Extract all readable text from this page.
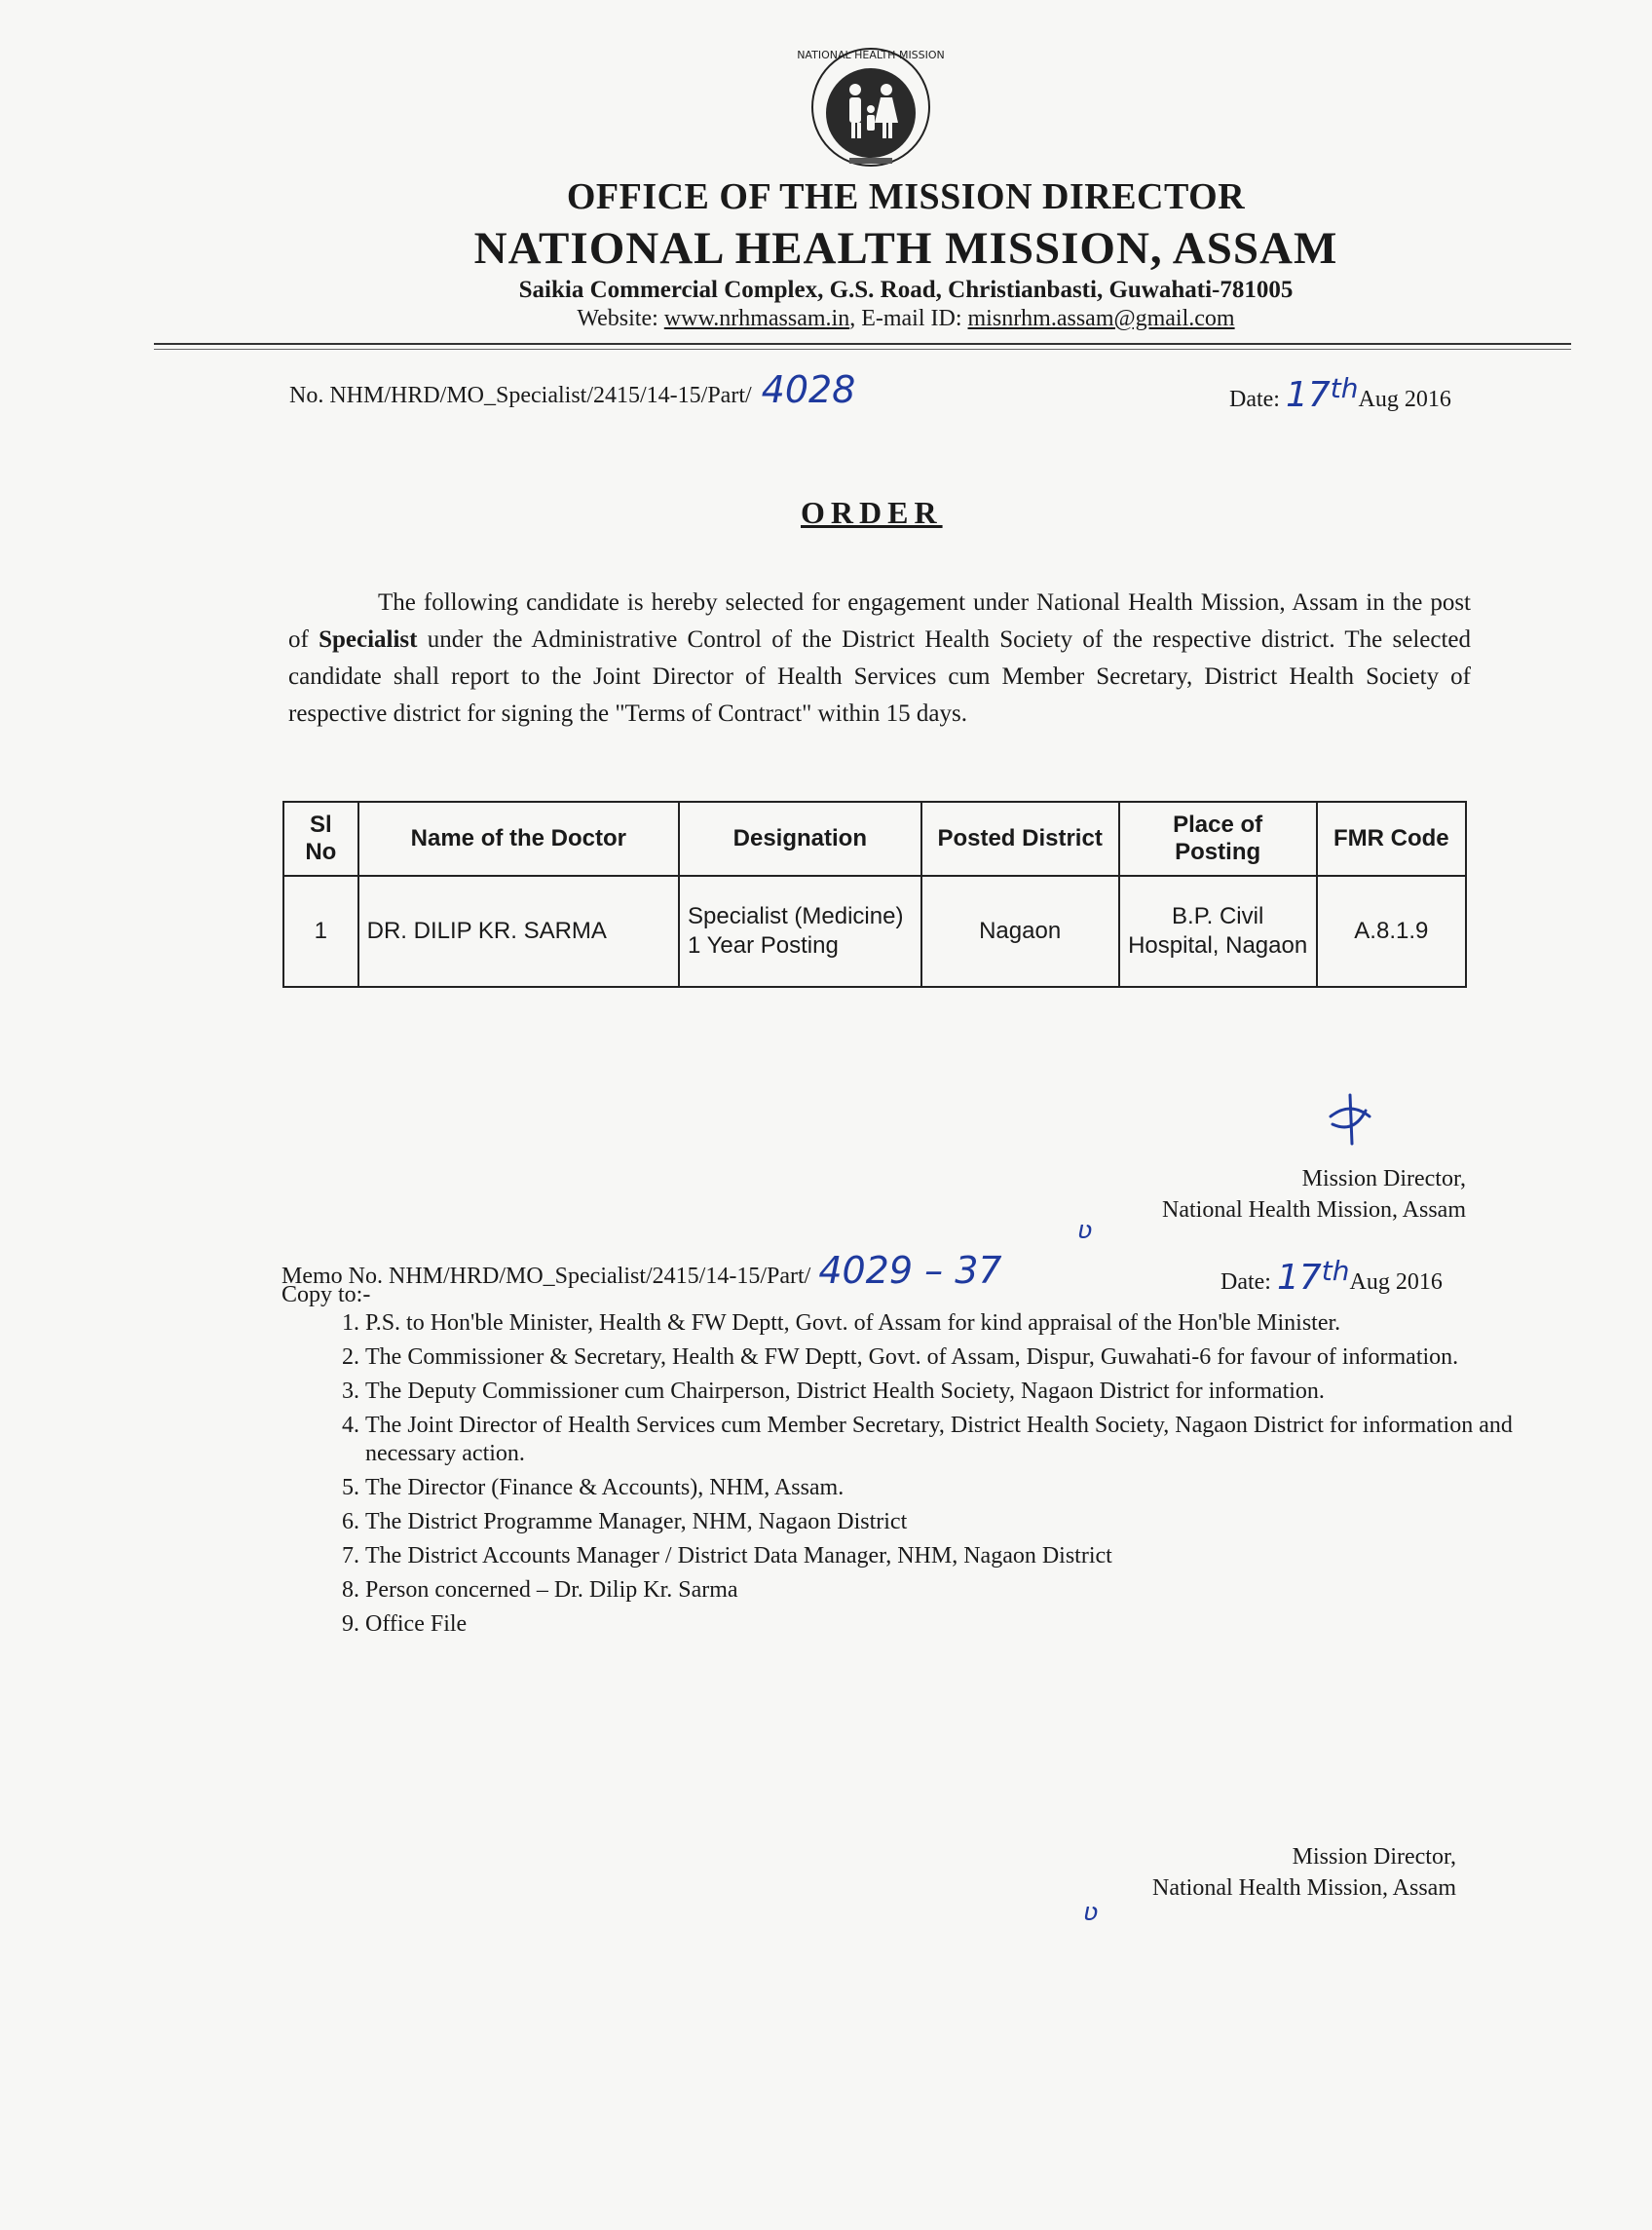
NATIONAL HEALTH MISSION
OFFICE OF THE MISSION DIRECTOR
NATIONAL HEALTH MISSION, ASSAM
Saikia Commercial Complex, G.S. Road, Christianbasti, Guwahati-781005
Website: www.nrhmassam.in, E-mail ID: misnrhm.assam@gmail.com
No. NHM/HRD/MO_Specialist/2415/14-15/Part/ 4028	Date: 17thAug 2016
ORDER
The following candidate is hereby selected for engagement under National Health Mission, Assam in the post of Specialist under the Administrative Control of the District Health Society of the respective district. The selected candidate shall report to the Joint Director of Health Services cum Member Secretary, District Health Society of respective district for signing the "Terms of Contract" within 15 days.
Sl No	Name of the Doctor	Designation	Posted District	Place of Posting	FMR Code
1	DR. DILIP KR. SARMA	Specialist (Medicine) 1 Year Posting	Nagaon	B.P. Civil Hospital, Nagaon	A.8.1.9
Mission Director,
National Health Mission, Assam
ʋ
Memo No. NHM/HRD/MO_Specialist/2415/14-15/Part/ 4029 – 37	Date: 17thAug 2016
Copy to:-
1. P.S. to Hon'ble Minister, Health & FW Deptt, Govt. of Assam for kind appraisal of the Hon'ble Minister.
2. The Commissioner & Secretary, Health & FW Deptt, Govt. of Assam, Dispur, Guwahati-6 for favour of information.
3. The Deputy Commissioner cum Chairperson, District Health Society, Nagaon District for information.
4. The Joint Director of Health Services cum Member Secretary, District Health Society, Nagaon District for information and necessary action.
5. The Director (Finance & Accounts), NHM, Assam.
6. The District Programme Manager, NHM, Nagaon District
7. The District Accounts Manager / District Data Manager, NHM, Nagaon District
8. Person concerned – Dr. Dilip Kr. Sarma
9. Office File
Mission Director,
National Health Mission, Assam
ʋ
